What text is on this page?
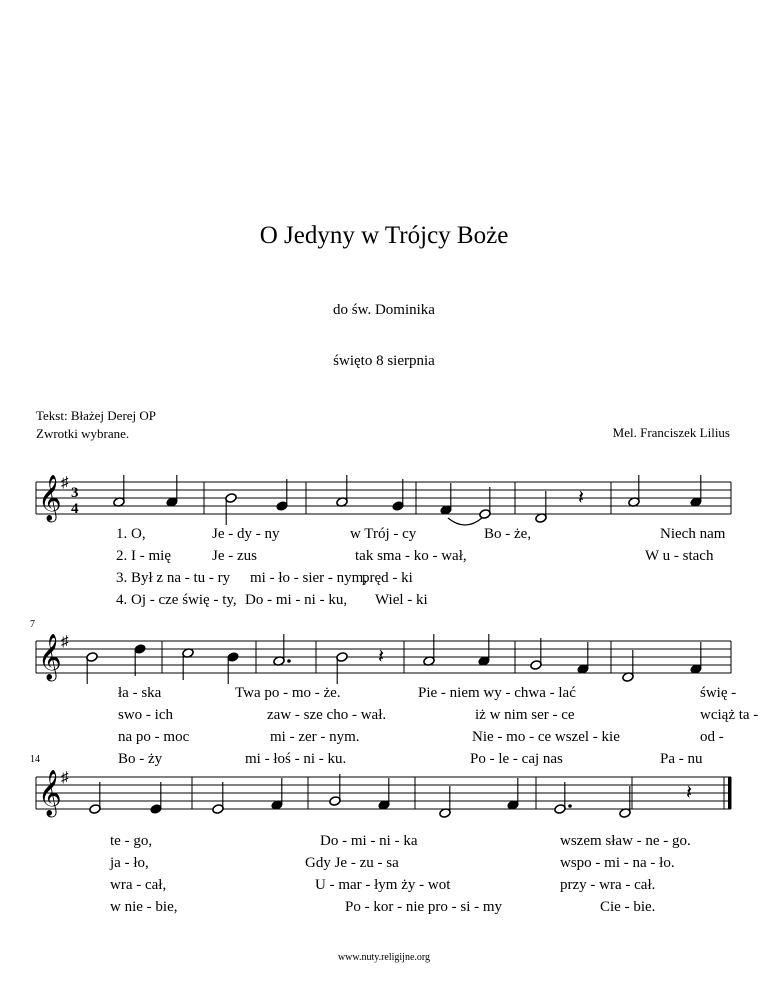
O Jedyny w Trójcy Boże
do św. Dominika
święto 8 sierpnia
Tekst: Błażej Derej OP
Zwrotki wybrane.	Mel. Franciszek Lilius
𝄞 ♯
3
4
7
𝄞 ♯
14
𝄞 ♯
𝄽
𝄽
𝄽
1. O,	Je - dy - ny	w Trój - cy	Bo - że,	Niech nam
2. I - mię	Je - zus	tak sma - ko - wał,	W u - stach
3. Był z na - tu - ry mi - ło - sier - nym,
pręd - ki
4. Oj - cze świę - ty, Do - mi - ni - ku, Wiel - ki
ła - ska	Twa po - mo - że.	Pie - niem wy - chwa - lać	świę -
swo - ich	zaw - sze cho - wał.	iż w nim ser - ce	wciąż ta -
na po - moc	mi - zer - nym.	Nie - mo - ce wszel - kie	od -
Bo - ży	mi - łoś - ni - ku.	Po - le - caj nas	Pa - nu
te - go,	Do - mi - ni - ka	wszem sław - ne - go.
ja - ło,	Gdy Je - zu - sa	wspo - mi - na - ło.
wra - cał,	U - mar - łym ży - wot	przy - wra - cał.
w nie - bie,	Po - kor - nie pro - si - my	Cie - bie.
www.nuty.religijne.org
